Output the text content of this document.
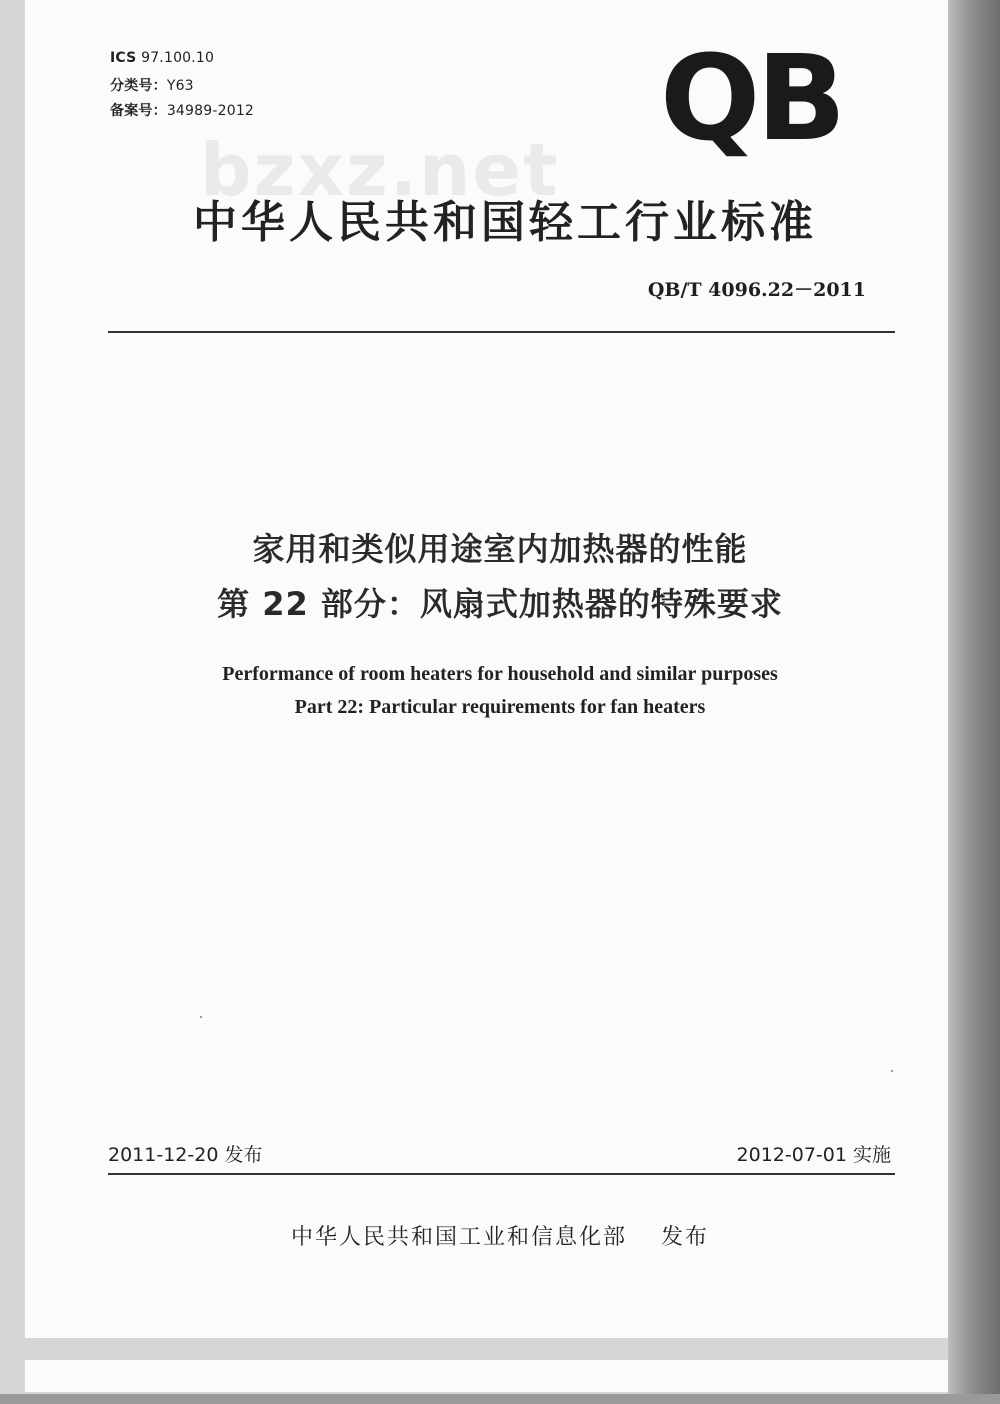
ICS 97.100.10
分类号：Y63
备案号：34989-2012	QB
bzxz.net
中华人民共和国轻工行业标准
QB/T 4096.22－2011
家用和类似用途室内加热器的性能
第 22 部分：风扇式加热器的特殊要求
Performance of room heaters for household and similar purposes
Part 22: Particular requirements for fan heaters
2011-12-20 发布	2012-07-01 实施
中华人民共和国工业和信息化部 发布
